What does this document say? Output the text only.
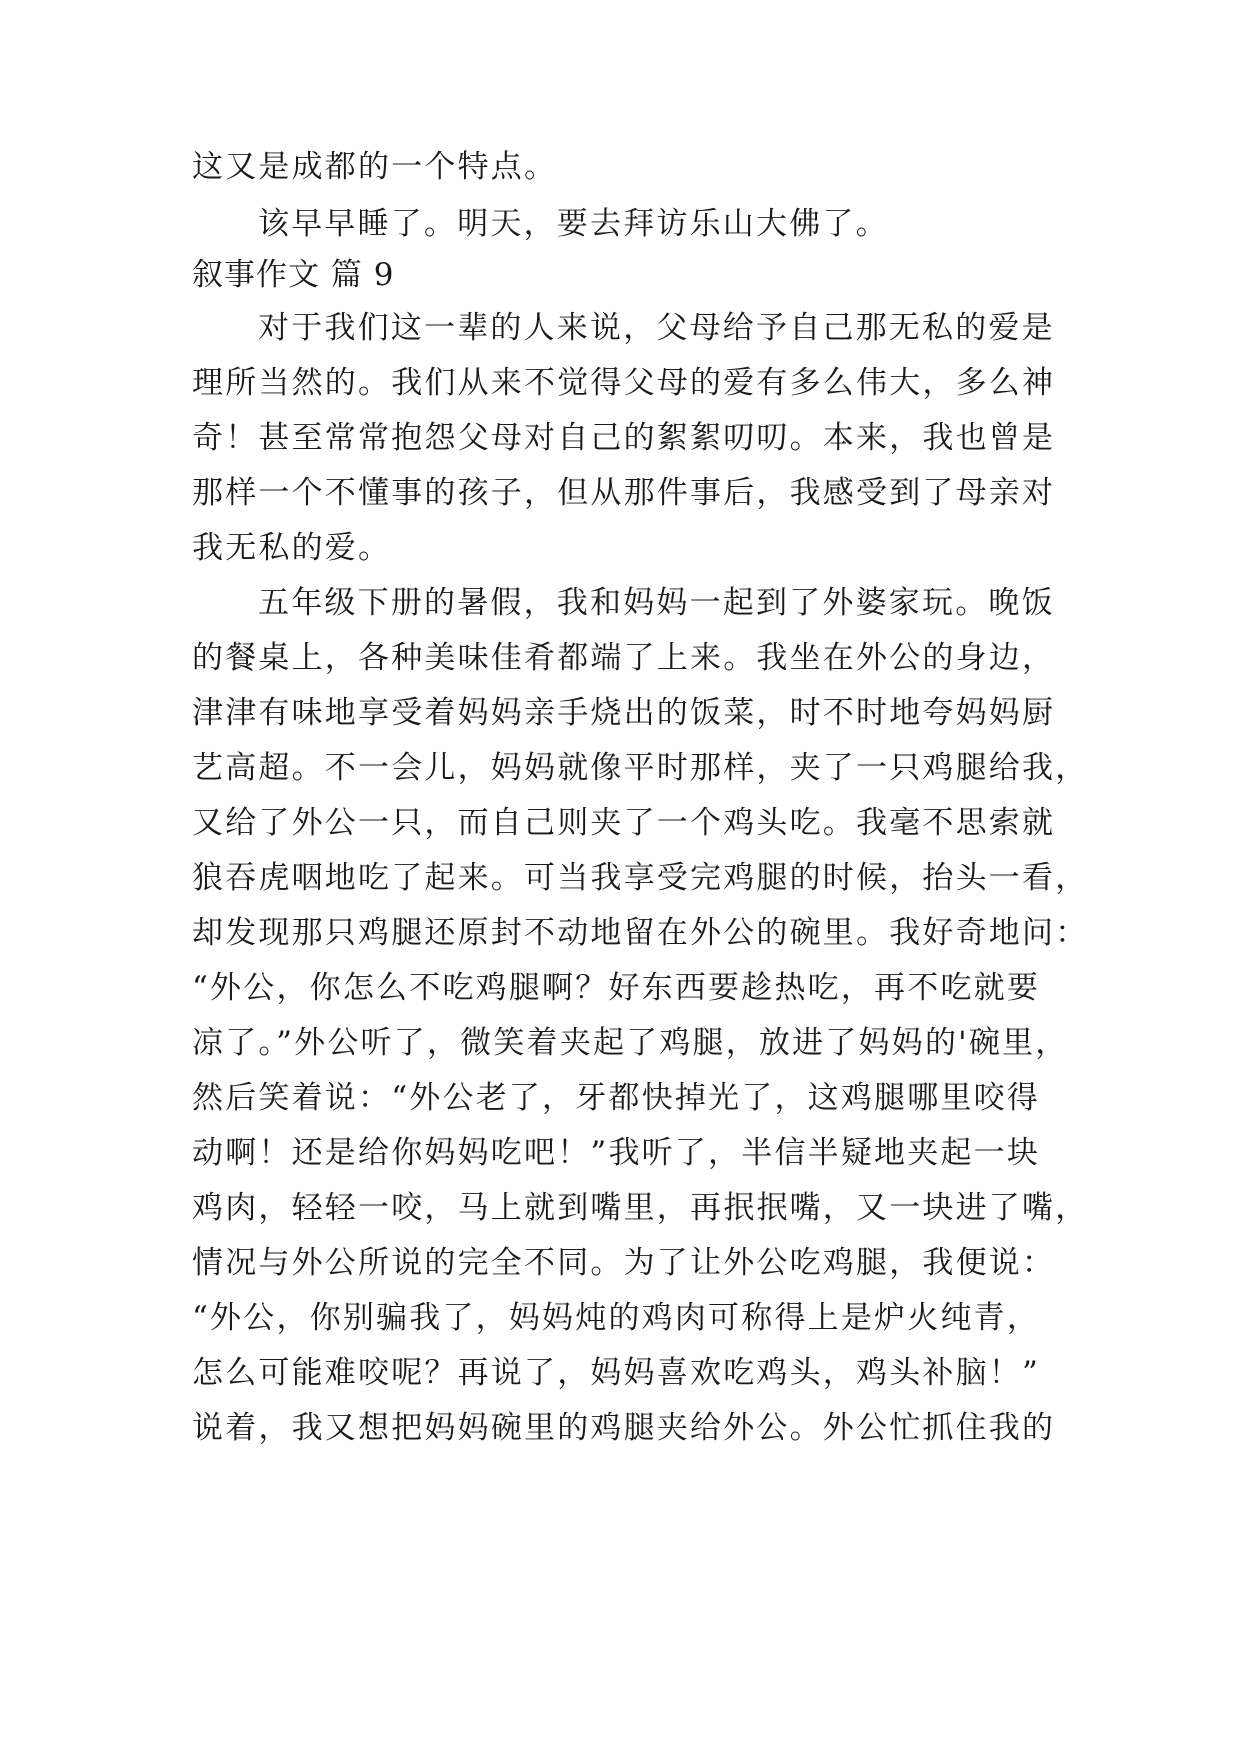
这又是成都的一个特点。
该早早睡了。明天，要去拜访乐山大佛了。
叙事作文 篇 9
对于我们这一辈的人来说，父母给予自己那无私的爱是
理所当然的。我们从来不觉得父母的爱有多么伟大，多么神
奇！甚至常常抱怨父母对自己的絮絮叨叨。本来，我也曾是
那样一个不懂事的孩子，但从那件事后，我感受到了母亲对
我无私的爱。
五年级下册的暑假，我和妈妈一起到了外婆家玩。晚饭
的餐桌上，各种美味佳肴都端了上来。我坐在外公的身边，
津津有味地享受着妈妈亲手烧出的饭菜，时不时地夸妈妈厨
艺高超。不一会儿，妈妈就像平时那样，夹了一只鸡腿给我，
又给了外公一只，而自己则夹了一个鸡头吃。我毫不思索就
狼吞虎咽地吃了起来。可当我享受完鸡腿的时候，抬头一看，
却发现那只鸡腿还原封不动地留在外公的碗里。我好奇地问：
“外公，你怎么不吃鸡腿啊？好东西要趁热吃，再不吃就要
凉了。”外公听了，微笑着夹起了鸡腿，放进了妈妈的'碗里，
然后笑着说：“外公老了，牙都快掉光了，这鸡腿哪里咬得
动啊！还是给你妈妈吃吧！”我听了，半信半疑地夹起一块
鸡肉，轻轻一咬，马上就到嘴里，再抿抿嘴，又一块进了嘴，
情况与外公所说的完全不同。为了让外公吃鸡腿，我便说：
“外公，你别骗我了，妈妈炖的鸡肉可称得上是炉火纯青，
怎么可能难咬呢？再说了，妈妈喜欢吃鸡头，鸡头补脑！”
说着，我又想把妈妈碗里的鸡腿夹给外公。外公忙抓住我的
